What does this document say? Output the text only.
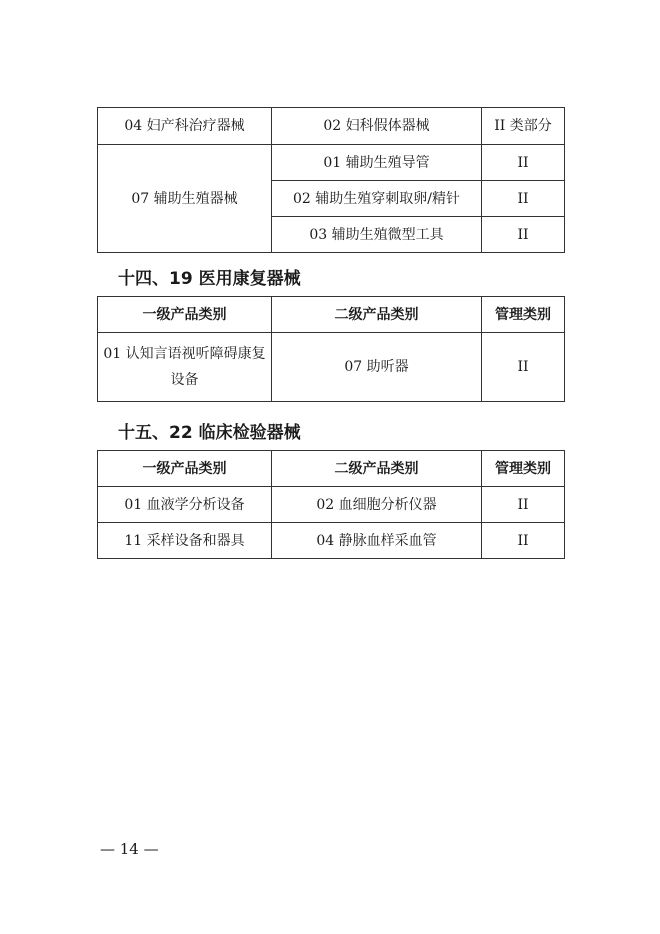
04 妇产科治疗器械	02 妇科假体器械	II 类部分
07 辅助生殖器械	01 辅助生殖导管	II
	02 辅助生殖穿刺取卵/精针	II
	03 辅助生殖微型工具	II
十四、19 医用康复器械
一级产品类别	二级产品类别	管理类别
01 认知言语视听障碍康复设备	07 助听器	II
十五、22 临床检验器械
一级产品类别	二级产品类别	管理类别
01 血液学分析设备	02 血细胞分析仪器	II
11 采样设备和器具	04 静脉血样采血管	II
— 14 —
